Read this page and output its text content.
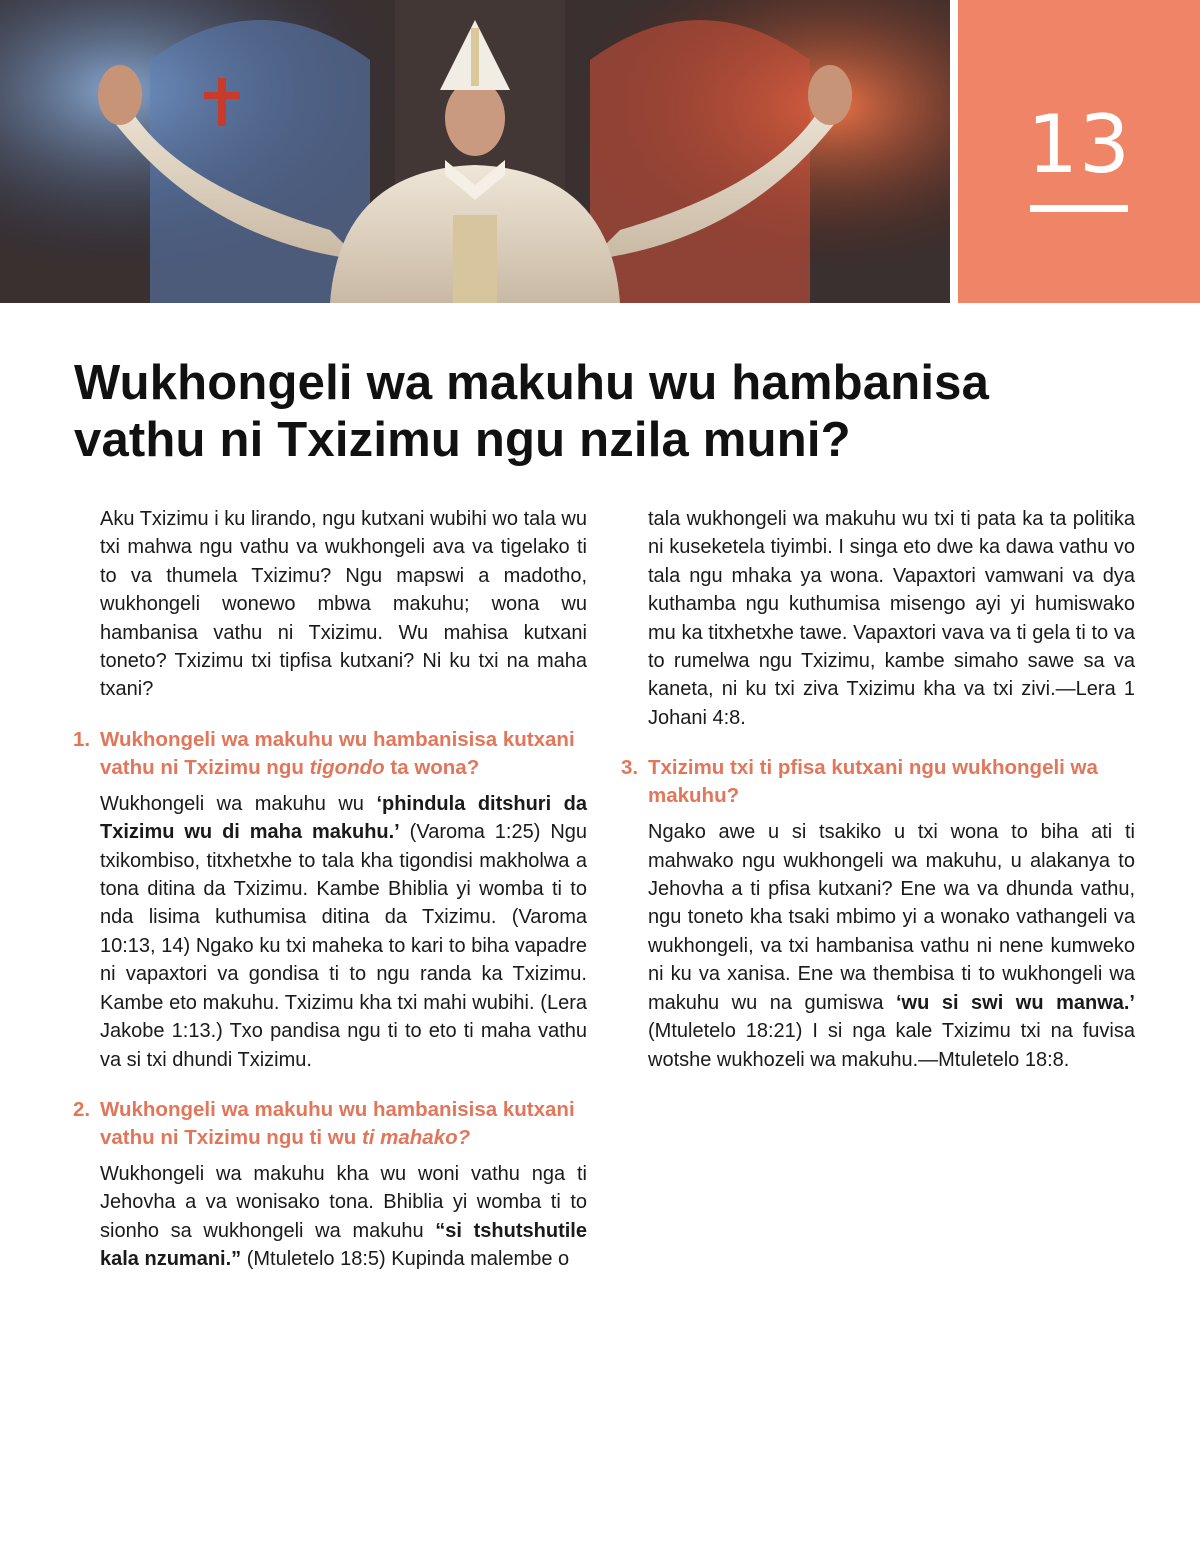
13
Wukhongeli wa makuhu wu hambanisa vathu ni Txizimu ngu nzila muni?

Aku Txizimu i ku lirando, ngu kutxani wubihi wo tala wu txi mahwa ngu vathu va wukhongeli ava va tigelako ti to va thumela Txizimu? Ngu mapswi a madotho, wukhongeli wonewo mbwa makuhu; wona wu hambanisa vathu ni Txizimu. Wu mahisa kutxani toneto? Txizimu txi tipfisa kutxani? Ni ku txi na maha txani?

1. Wukhongeli wa makuhu wu hambanisisa kutxani vathu ni Txizimu ngu tigondo ta wona?

Wukhongeli wa makuhu wu ‘phindula ditshuri da Txizimu wu di maha makuhu.’ (Varoma 1:25) Ngu txikombiso, titxhetxhe to tala kha tigondisi makholwa a tona ditina da Txizimu. Kambe Bhiblia yi womba ti to nda lisima kuthumisa ditina da Txizimu. (Varoma 10:13, 14) Ngako ku txi maheka to kari to biha vapadre ni vapaxtori va gondisa ti to ngu randa ka Txizimu. Kambe eto makuhu. Txizimu kha txi mahi wubihi. (Lera Jakobe 1:13.) Txo pandisa ngu ti to eto ti maha vathu va si txi dhundi Txizimu.

2. Wukhongeli wa makuhu wu hambanisisa kutxani vathu ni Txizimu ngu ti wu ti mahako?

Wukhongeli wa makuhu kha wu woni vathu nga ti Jehovha a va wonisako tona. Bhiblia yi womba ti to sionho sa wukhongeli wa makuhu “si tshutshutile kala nzumani.” (Mtuletelo 18:5) Kupinda malembe o

tala wukhongeli wa makuhu wu txi ti pata ka ta politika ni kuseketela tiyimbi. I singa eto dwe ka dawa vathu vo tala ngu mhaka ya wona. Vapaxtori vamwani va dya kuthamba ngu kuthumisa misengo ayi yi humiswako mu ka titxhetxhe tawe. Vapaxtori vava va ti gela ti to va to rumelwa ngu Txizimu, kambe simaho sawe sa va kaneta, ni ku txi ziva Txizimu kha va txi zivi.—Lera 1 Johani 4:8.

3. Txizimu txi ti pfisa kutxani ngu wukhongeli wa makuhu?

Ngako awe u si tsakiko u txi wona to biha ati ti mahwako ngu wukhongeli wa makuhu, u alakanya to Jehovha a ti pfisa kutxani? Ene wa va dhunda vathu, ngu toneto kha tsaki mbimo yi a wonako vathangeli va wukhongeli, va txi hambanisa vathu ni nene kumweko ni ku va xanisa. Ene wa thembisa ti to wukhongeli wa makuhu wu na gumiswa ‘wu si swi wu manwa.’ (Mtuletelo 18:21) I si nga kale Txizimu txi na fuvisa wotshe wukhozeli wa makuhu.—Mtuletelo 18:8.
